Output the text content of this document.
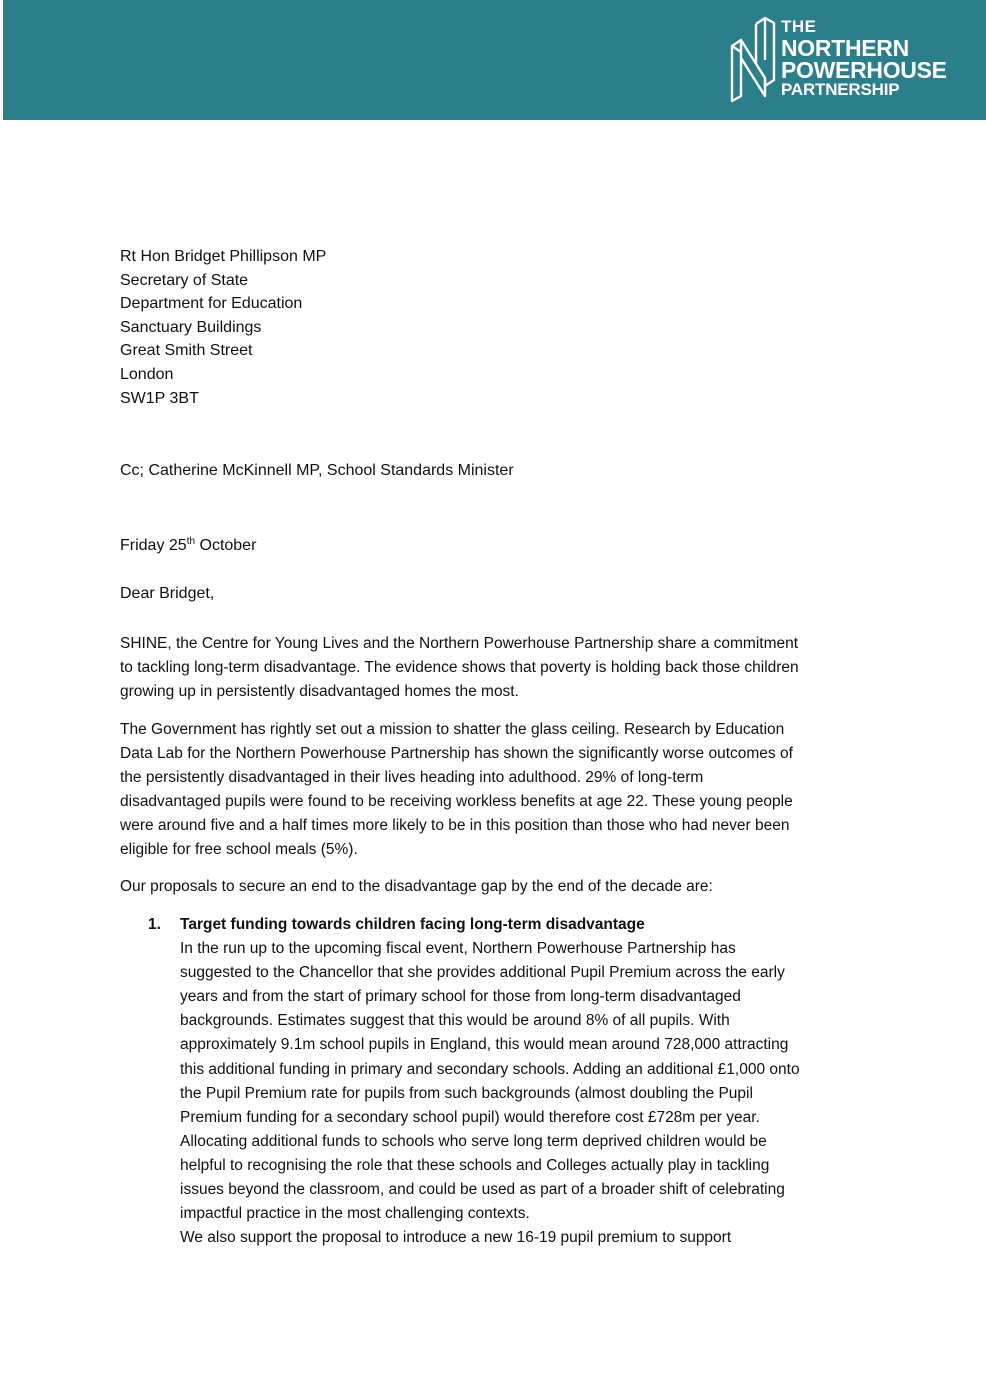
THE
NORTHERN
POWERHOUSE
PARTNERSHIP
Rt Hon Bridget Phillipson MP
Secretary of State
Department for Education
Sanctuary Buildings
Great Smith Street
London
SW1P 3BT
Cc; Catherine McKinnell MP, School Standards Minister
Friday 25th October
Dear Bridget,
SHINE, the Centre for Young Lives and the Northern Powerhouse Partnership share a commitment
to tackling long-term disadvantage. The evidence shows that poverty is holding back those children
growing up in persistently disadvantaged homes the most.
The Government has rightly set out a mission to shatter the glass ceiling. Research by Education
Data Lab for the Northern Powerhouse Partnership has shown the significantly worse outcomes of
the persistently disadvantaged in their lives heading into adulthood. 29% of long-term
disadvantaged pupils were found to be receiving workless benefits at age 22. These young people
were around five and a half times more likely to be in this position than those who had never been
eligible for free school meals (5%).
Our proposals to secure an end to the disadvantage gap by the end of the decade are:
1. Target funding towards children facing long-term disadvantage
In the run up to the upcoming fiscal event, Northern Powerhouse Partnership has
suggested to the Chancellor that she provides additional Pupil Premium across the early
years and from the start of primary school for those from long-term disadvantaged
backgrounds. Estimates suggest that this would be around 8% of all pupils. With
approximately 9.1m school pupils in England, this would mean around 728,000 attracting
this additional funding in primary and secondary schools. Adding an additional £1,000 onto
the Pupil Premium rate for pupils from such backgrounds (almost doubling the Pupil
Premium funding for a secondary school pupil) would therefore cost £728m per year.
Allocating additional funds to schools who serve long term deprived children would be
helpful to recognising the role that these schools and Colleges actually play in tackling
issues beyond the classroom, and could be used as part of a broader shift of celebrating
impactful practice in the most challenging contexts.
We also support the proposal to introduce a new 16-19 pupil premium to support
